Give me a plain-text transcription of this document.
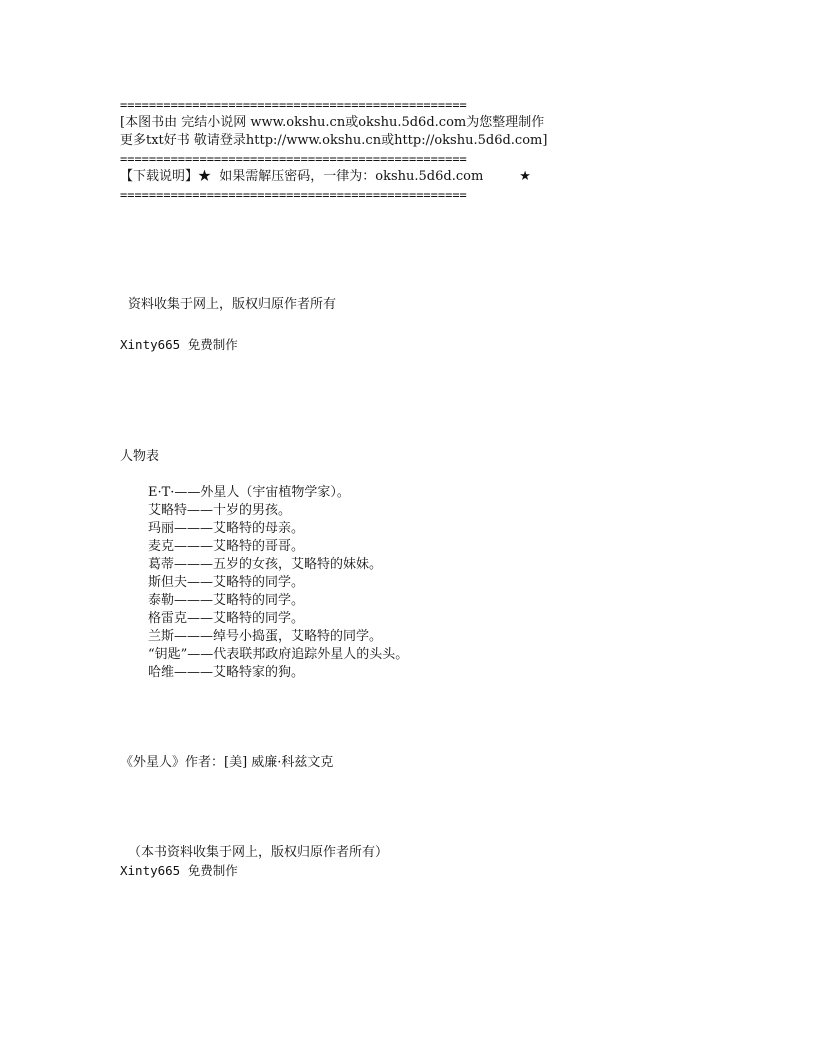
================================================
[本图书由 完结小说网 www.okshu.cn或okshu.5d6d.com为您整理制作
更多txt好书 敬请登录http://www.okshu.cn或http://okshu.5d6d.com]
================================================
【下载说明】★  如果需解压密码，一律为：okshu.5d6d.com	★
================================================
资料收集于网上，版权归原作者所有
Xinty665 免费制作
人物表
E·T·——外星人（宇宙植物学家）。
艾略特——十岁的男孩。
玛丽———艾略特的母亲。
麦克———艾略特的哥哥。
葛蒂———五岁的女孩，艾略特的妹妹。
斯但夫——艾略特的同学。
泰勒———艾略特的同学。
格雷克——艾略特的同学。
兰斯———绰号小捣蛋，艾略特的同学。
“钥匙”——代表联邦政府追踪外星人的头头。
哈维———艾略特家的狗。
《外星人》作者：[美] 威廉·科兹文克
（本书资料收集于网上，版权归原作者所有）
Xinty665 免费制作
